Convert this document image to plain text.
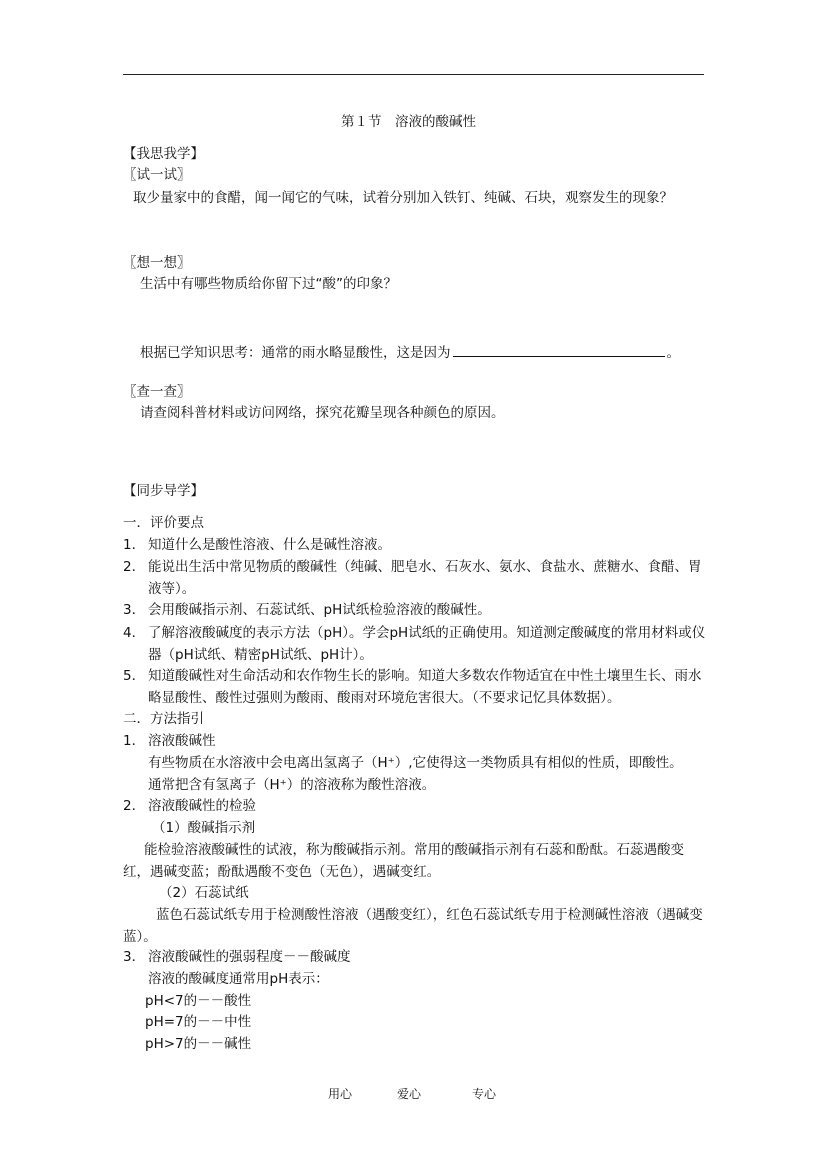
第１节　溶液的酸碱性
【我思我学】
〖试一试〗
取少量家中的食醋，闻一闻它的气味，试着分别加入铁钉、纯碱、石块，观察发生的现象？
〖想一想〗
生活中有哪些物质给你留下过“酸”的印象？
根据已学知识思考：通常的雨水略显酸性，这是因为	。
〖查一查〗
请查阅科普材料或访问网络，探究花瓣呈现各种颜色的原因。
【同步导学】
一．评价要点
1． 知道什么是酸性溶液、什么是碱性溶液。
2． 能说出生活中常见物质的酸碱性（纯碱、肥皂水、石灰水、氨水、食盐水、蔗糖水、食醋、胃液等）。
3． 会用酸碱指示剂、石蕊试纸、pH试纸检验溶液的酸碱性。
4． 了解溶液酸碱度的表示方法（pH）。学会pH试纸的正确使用。知道测定酸碱度的常用材料或仪器（pH试纸、精密pH试纸、pH计）。
5． 知道酸碱性对生命活动和农作物生长的影响。知道大多数农作物适宜在中性土壤里生长、雨水略显酸性、酸性过强则为酸雨、酸雨对环境危害很大。（不要求记忆具体数据）。
二．方法指引
1． 溶液酸碱性
有些物质在水溶液中会电离出氢离子（H⁺）,它使得这一类物质具有相似的性质，即酸性。
通常把含有氢离子（H⁺）的溶液称为酸性溶液。
2． 溶液酸碱性的检验
（1）酸碱指示剂
能检验溶液酸碱性的试液，称为酸碱指示剂。常用的酸碱指示剂有石蕊和酚酞。石蕊遇酸变红，遇碱变蓝；酚酞遇酸不变色（无色），遇碱变红。
（2）石蕊试纸
蓝色石蕊试纸专用于检测酸性溶液（遇酸变红），红色石蕊试纸专用于检测碱性溶液（遇碱变蓝）。
3． 溶液酸碱性的强弱程度－－酸碱度
溶液的酸碱度通常用pH表示：
pH<7的－－酸性
pH=7的－－中性
pH>7的－－碱性
用心	爱心	专心
